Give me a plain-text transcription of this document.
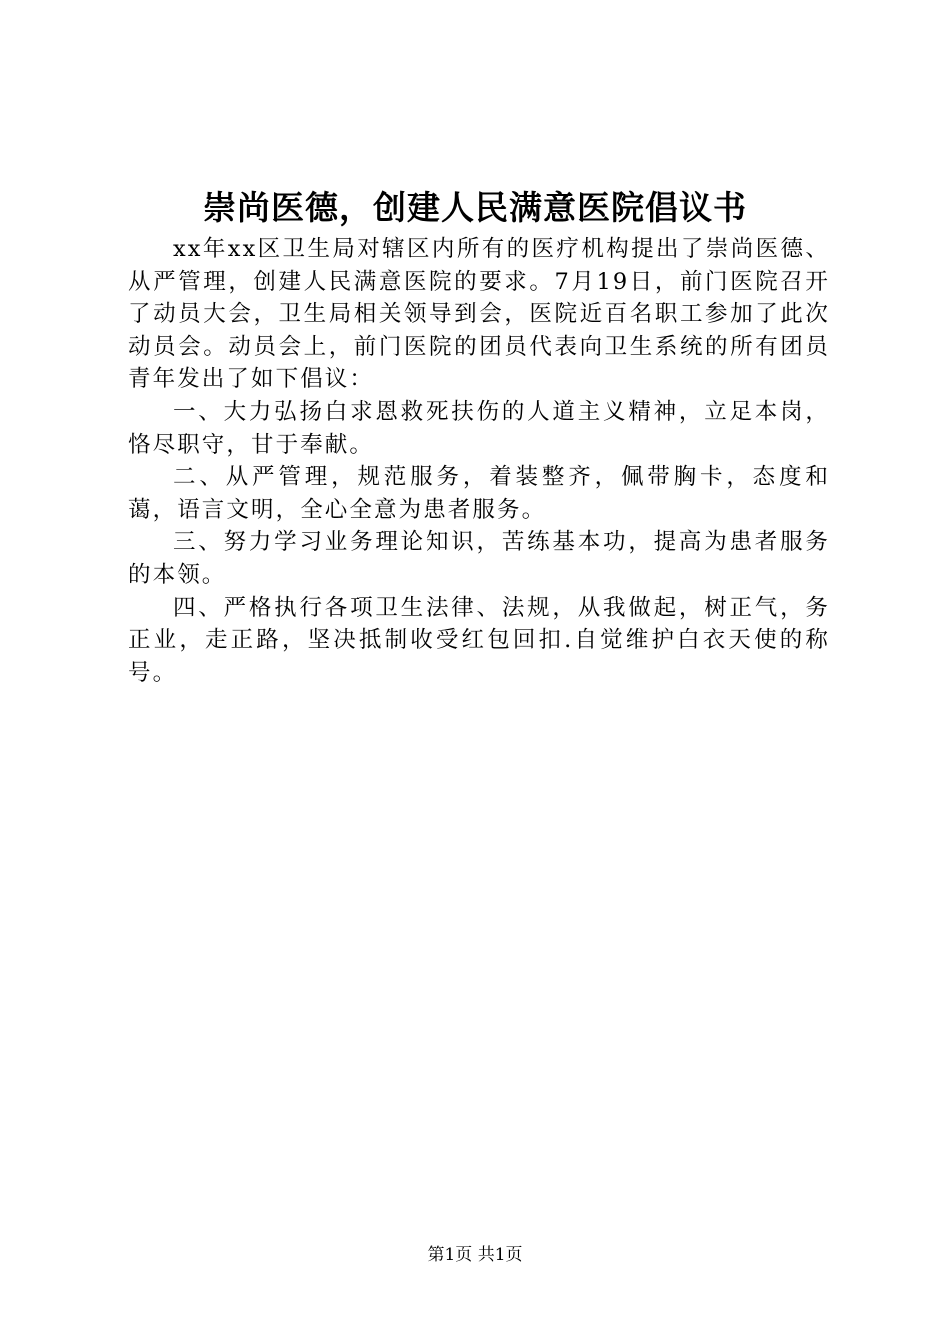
崇尚医德，创建人民满意医院倡议书

xx年xx区卫生局对辖区内所有的医疗机构提出了崇尚医德、从严管理，创建人民满意医院的要求。7月19日，前门医院召开了动员大会，卫生局相关领导到会，医院近百名职工参加了此次动员会。动员会上，前门医院的团员代表向卫生系统的所有团员青年发出了如下倡议：

一、大力弘扬白求恩救死扶伤的人道主义精神，立足本岗，恪尽职守，甘于奉献。

二、从严管理，规范服务，着装整齐，佩带胸卡，态度和蔼，语言文明，全心全意为患者服务。

三、努力学习业务理论知识，苦练基本功，提高为患者服务的本领。

四、严格执行各项卫生法律、法规，从我做起，树正气，务正业，走正路，坚决抵制收受红包回扣.自觉维护白衣天使的称号。

第1页 共1页
